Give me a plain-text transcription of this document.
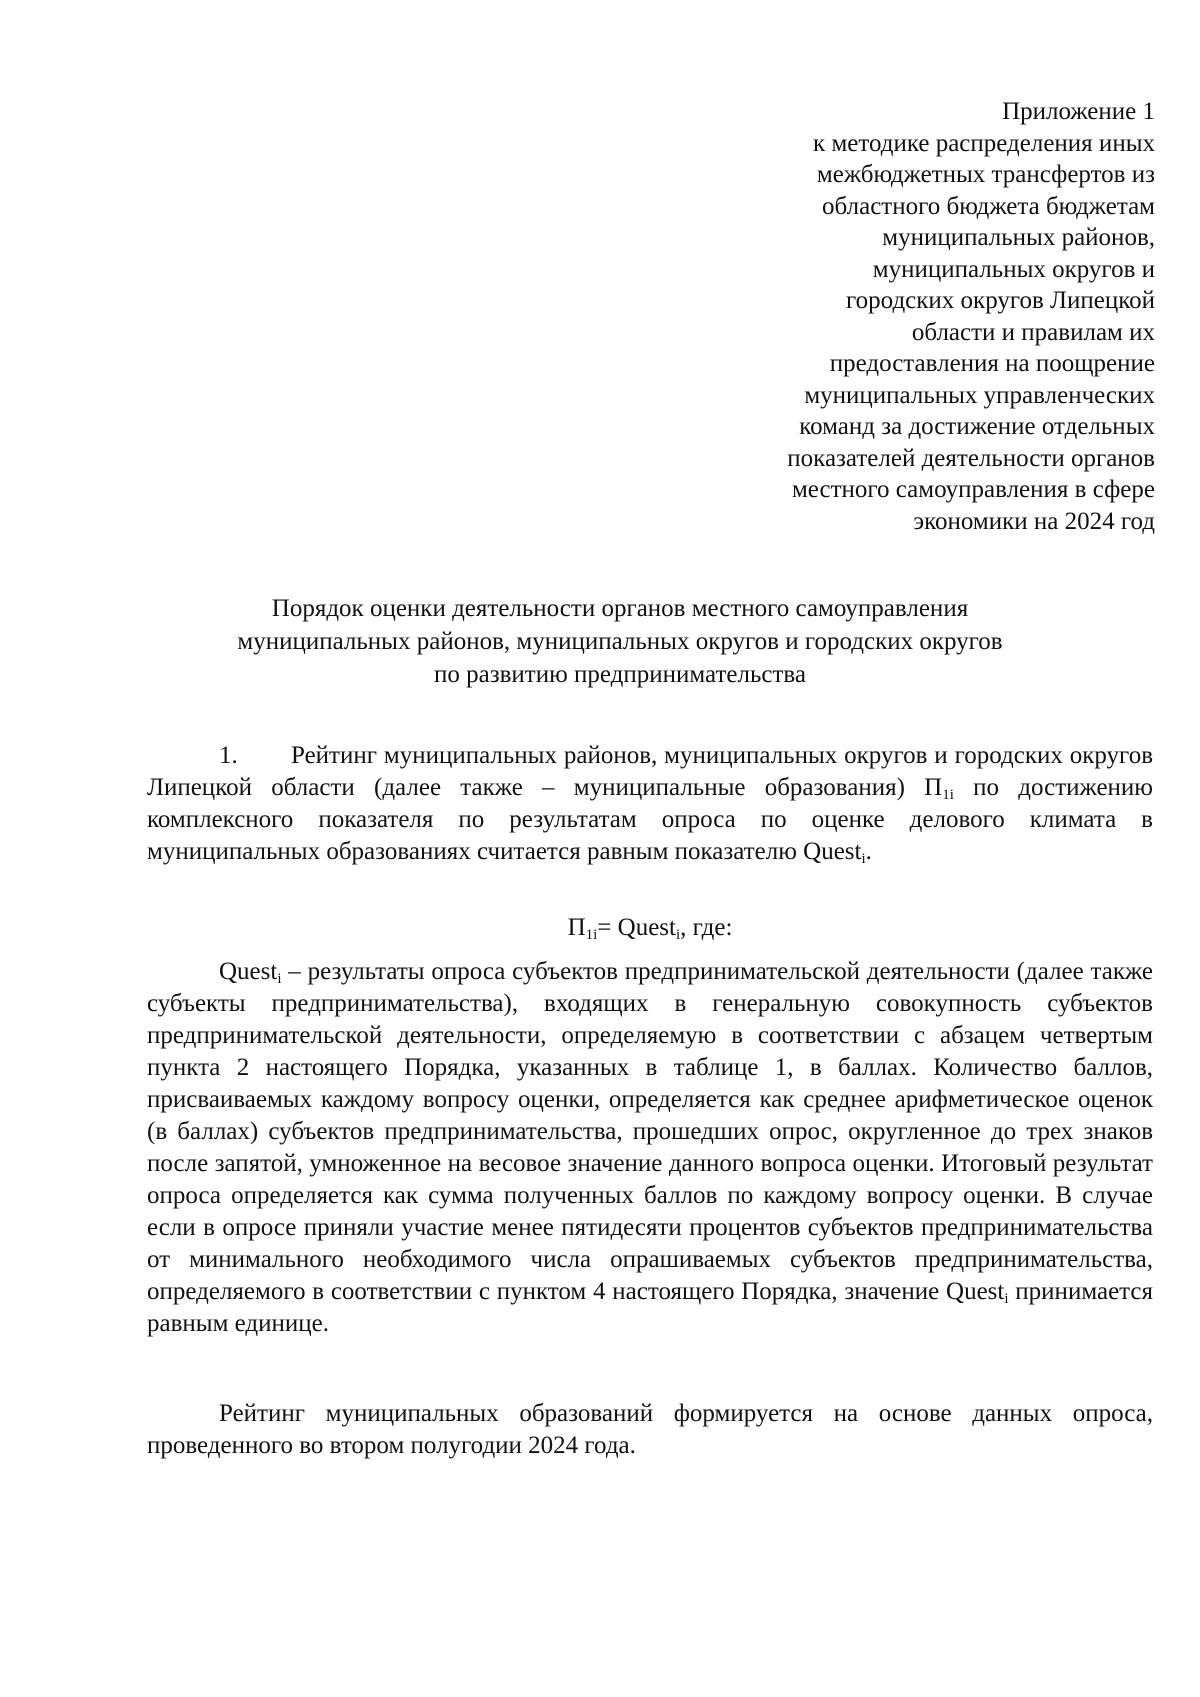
Приложение 1
к методике распределения иных
межбюджетных трансфертов из
областного бюджета бюджетам
муниципальных районов,
муниципальных округов и
городских округов Липецкой
области и правилам их
предоставления на поощрение
муниципальных управленческих
команд за достижение отдельных
показателей деятельности органов
местного самоуправления в сфере
экономики на 2024 год
Порядок оценки деятельности органов местного самоуправления
муниципальных районов, муниципальных округов и городских округов
по развитию предпринимательства
1. Рейтинг муниципальных районов, муниципальных округов и городских округов Липецкой области (далее также – муниципальные образования) $П_{1i}$ по достижению комплексного показателя по результатам опроса по оценке делового климата в муниципальных образованиях считается равным показателю Quest$_i$.
$П_{1i}=$ Quest$_i$, где:
Quest$_i$ – результаты опроса субъектов предпринимательской деятельности (далее также субъекты предпринимательства), входящих в генеральную совокупность субъектов предпринимательской деятельности, определяемую в соответствии с абзацем четвертым пункта 2 настоящего Порядка, указанных в таблице 1, в баллах. Количество баллов, присваиваемых каждому вопросу оценки, определяется как среднее арифметическое оценок (в баллах) субъектов предпринимательства, прошедших опрос, округленное до трех знаков после запятой, умноженное на весовое значение данного вопроса оценки. Итоговый результат опроса определяется как сумма полученных баллов по каждому вопросу оценки. В случае если в опросе приняли участие менее пятидесяти процентов субъектов предпринимательства от минимального необходимого числа опрашиваемых субъектов предпринимательства, определяемого в соответствии с пунктом 4 настоящего Порядка, значение Quest$_i$ принимается равным единице.
Рейтинг муниципальных образований формируется на основе данных опроса, проведенного во втором полугодии 2024 года.
